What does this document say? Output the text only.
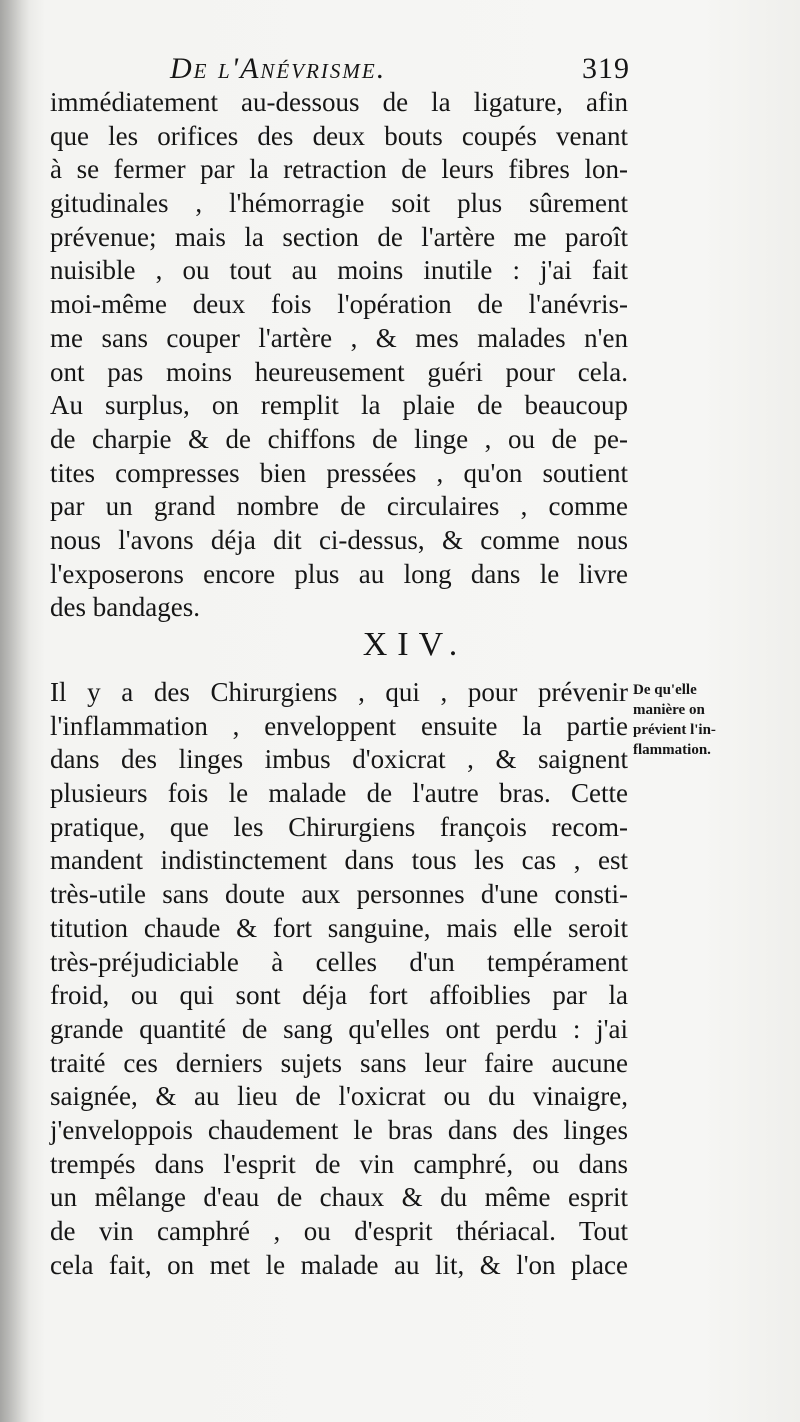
De l'Anévrisme.	319
immédiatement au-dessous de la ligature, afin
que les orifices des deux bouts coupés venant
à se fermer par la retraction de leurs fibres lon-
gitudinales , l'hémorragie soit plus sûrement
prévenue; mais la section de l'artère me paroît
nuisible , ou tout au moins inutile : j'ai fait
moi-même deux fois l'opération de l'anévris-
me sans couper l'artère , & mes malades n'en
ont pas moins heureusement guéri pour cela.
Au surplus, on remplit la plaie de beaucoup
de charpie & de chiffons de linge , ou de pe-
tites compresses bien pressées , qu'on soutient
par un grand nombre de circulaires , comme
nous l'avons déja dit ci-dessus, & comme nous
l'exposerons encore plus au long dans le livre
des bandages.
XIV.
Il y a des Chirurgiens , qui , pour prévenir
l'inflammation , enveloppent ensuite la partie
dans des linges imbus d'oxicrat , & saignent
plusieurs fois le malade de l'autre bras. Cette
pratique, que les Chirurgiens françois recom-
mandent indistinctement dans tous les cas , est
très-utile sans doute aux personnes d'une consti-
titution chaude & fort sanguine, mais elle seroit
très-préjudiciable à celles d'un tempérament
froid, ou qui sont déja fort affoiblies par la
grande quantité de sang qu'elles ont perdu : j'ai
traité ces derniers sujets sans leur faire aucune
saignée, & au lieu de l'oxicrat ou du vinaigre,
j'enveloppois chaudement le bras dans des linges
trempés dans l'esprit de vin camphré, ou dans
un mêlange d'eau de chaux & du même esprit
de vin camphré , ou d'esprit thériacal. Tout
cela fait, on met le malade au lit, & l'on place
De qu'elle
manière on
prévient l'in-
flammation.
